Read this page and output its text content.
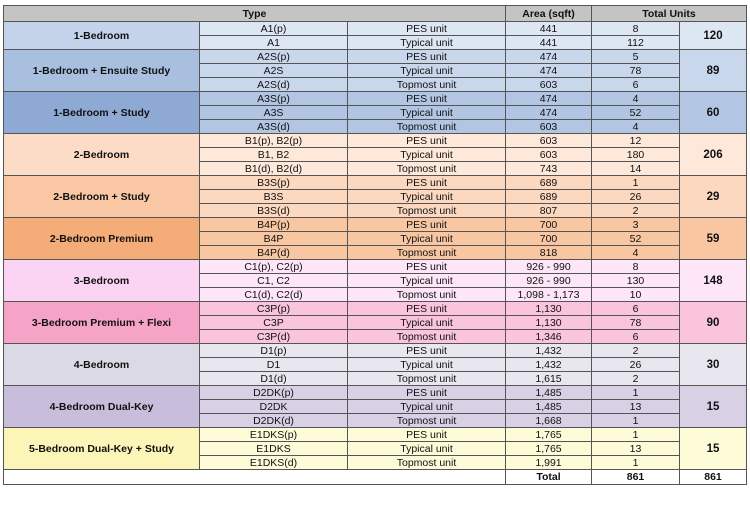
Type			Area (sqft)	Total Units	
1-Bedroom	A1(p)	PES unit	441	8	120
	A1	Typical unit	441	112	
1-Bedroom + Ensuite Study	A2S(p)	PES unit	474	5	89
	A2S	Typical unit	474	78	
	A2S(d)	Topmost unit	603	6	
1-Bedroom + Study	A3S(p)	PES unit	474	4	60
	A3S	Typical unit	474	52	
	A3S(d)	Topmost unit	603	4	
2-Bedroom	B1(p), B2(p)	PES unit	603	12	206
	B1, B2	Typical unit	603	180	
	B1(d), B2(d)	Topmost unit	743	14	
2-Bedroom + Study	B3S(p)	PES unit	689	1	29
	B3S	Typical unit	689	26	
	B3S(d)	Topmost unit	807	2	
2-Bedroom Premium	B4P(p)	PES unit	700	3	59
	B4P	Typical unit	700	52	
	B4P(d)	Topmost unit	818	4	
3-Bedroom	C1(p), C2(p)	PES unit	926 - 990	8	148
	C1, C2	Typical unit	926 - 990	130	
	C1(d), C2(d)	Topmost unit	1,098 - 1,173	10	
3-Bedroom Premium + Flexi	C3P(p)	PES unit	1,130	6	90
	C3P	Typical unit	1,130	78	
	C3P(d)	Topmost unit	1,346	6	
4-Bedroom	D1(p)	PES unit	1,432	2	30
	D1	Typical unit	1,432	26	
	D1(d)	Topmost unit	1,615	2	
4-Bedroom Dual-Key	D2DK(p)	PES unit	1,485	1	15
	D2DK	Typical unit	1,485	13	
	D2DK(d)	Topmost unit	1,668	1	
5-Bedroom Dual-Key + Study	E1DKS(p)	PES unit	1,765	1	15
	E1DKS	Typical unit	1,765	13	
	E1DKS(d)	Topmost unit	1,991	1	
			Total	861	861
